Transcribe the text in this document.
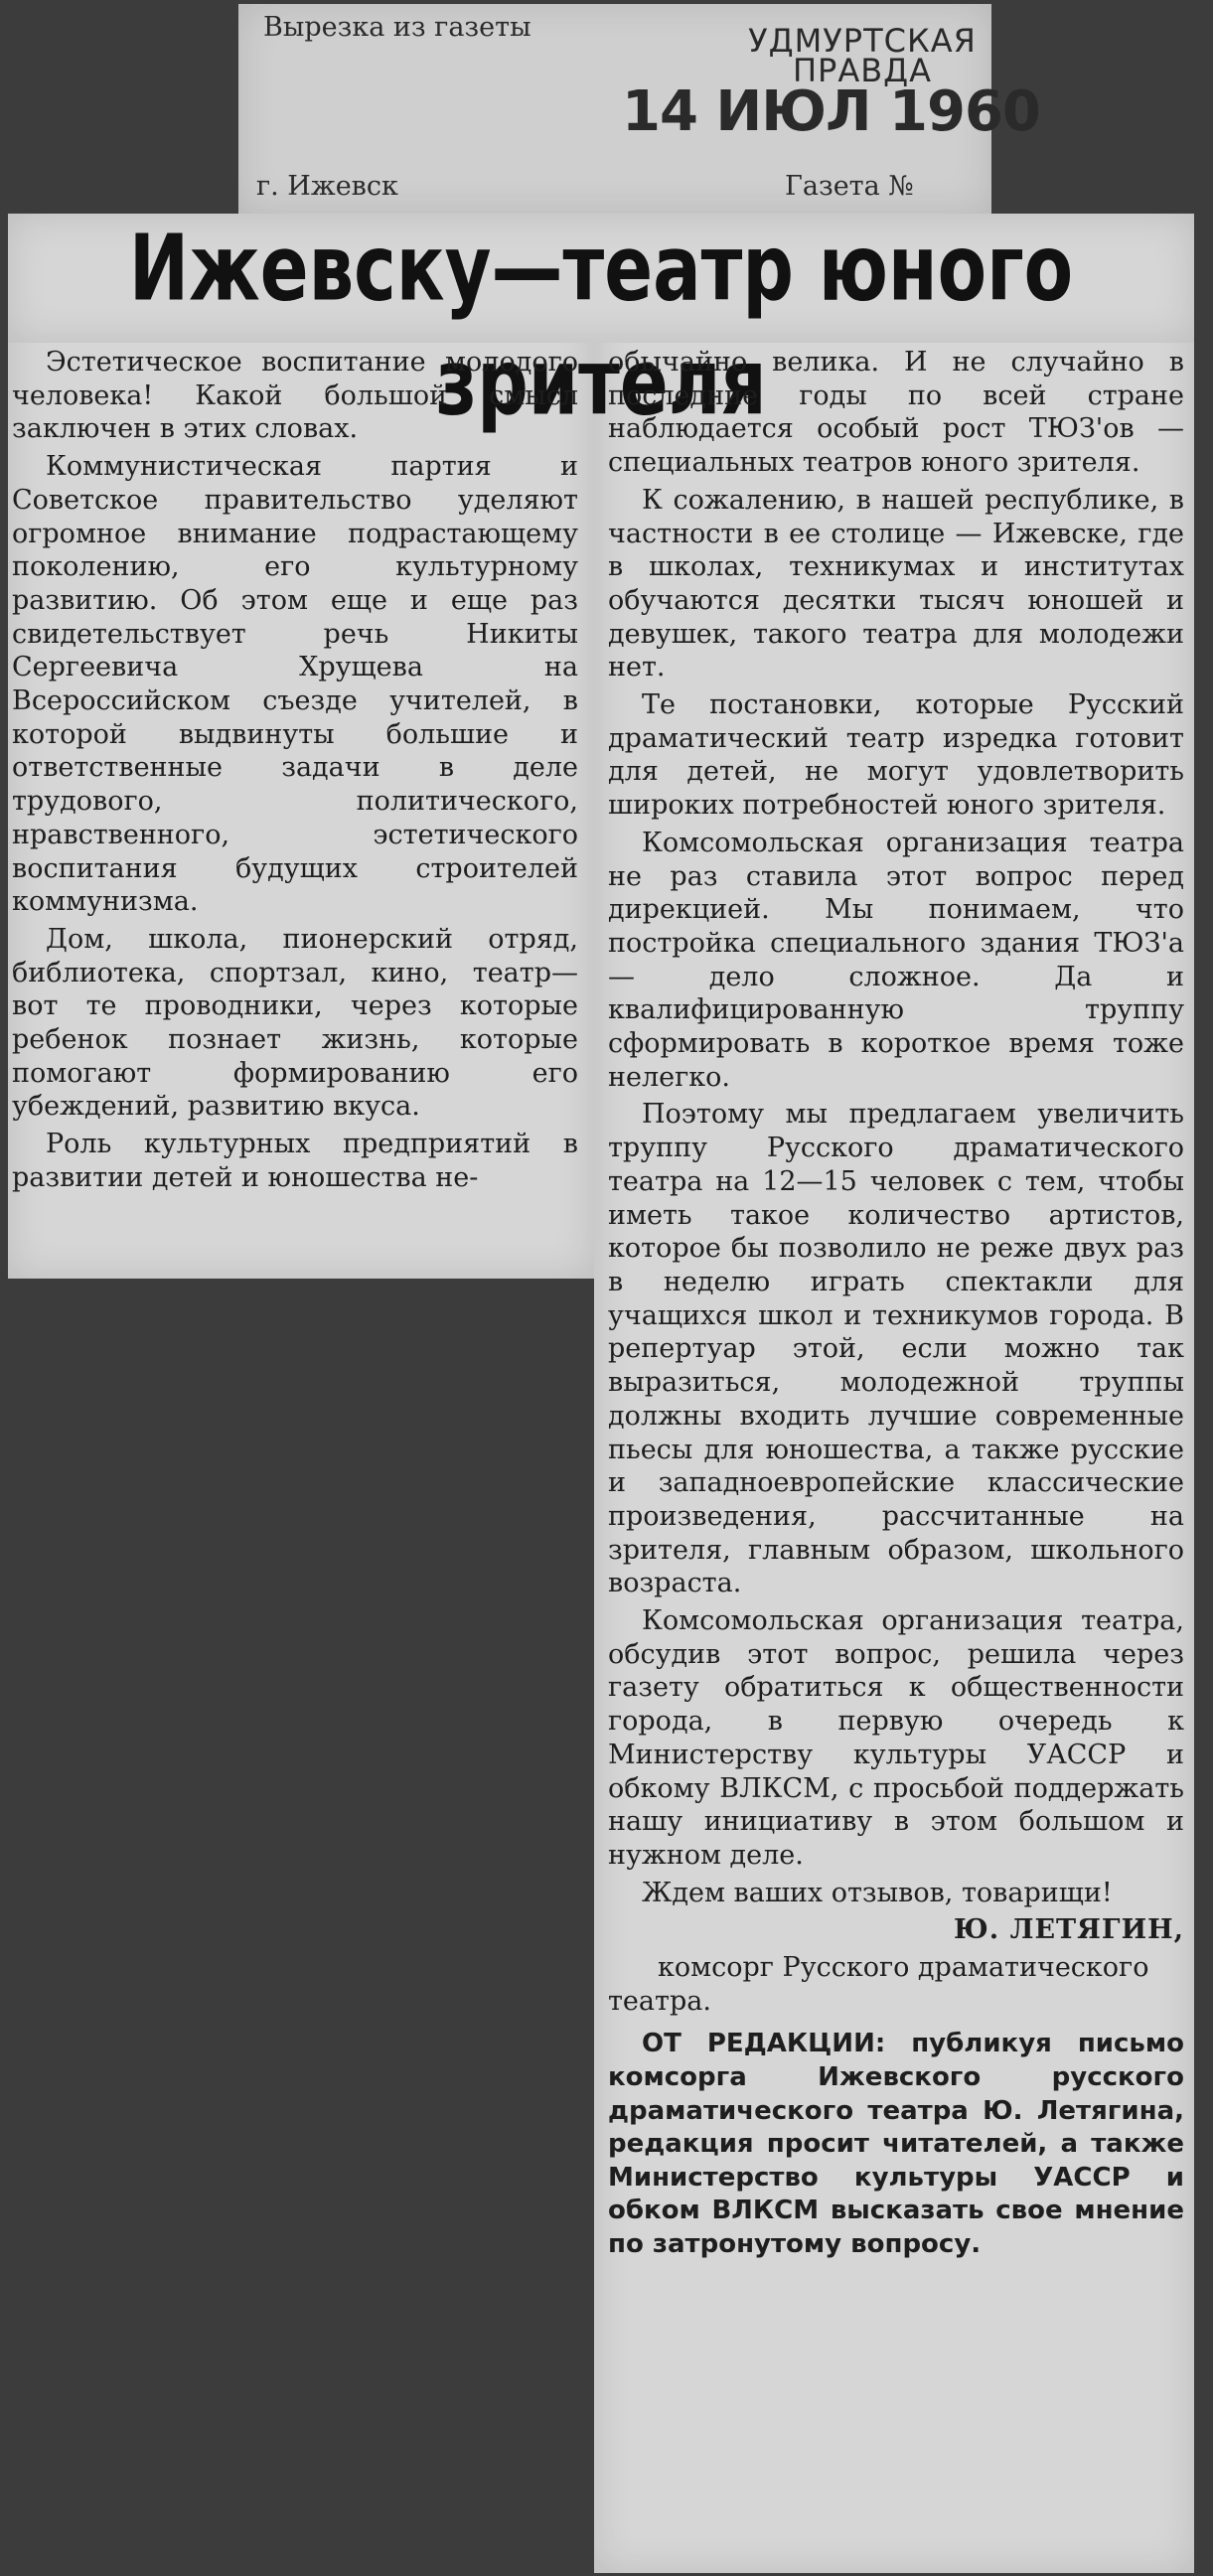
Вырезка из газеты	УДМУРТСКАЯ ПРАВДА
14 ИЮЛ 1960
г. Ижевск	Газета №
Ижевску—театр юного зрителя

Эстетическое воспитание молодого человека! Какой большой смысл заключен в этих словах.

Коммунистическая партия и Советское правительство уделяют огромное внимание подрастающему поколению, его культурному развитию. Об этом еще и еще раз свидетельствует речь Никиты Сергеевича Хрущева на Всероссийском съезде учителей, в которой выдвинуты большие и ответственные задачи в деле трудового, политического, нравственного, эстетического воспитания будущих строителей коммунизма.

Дом, школа, пионерский отряд, библиотека, спортзал, кино, театр— вот те проводники, через которые ребенок познает жизнь, которые помогают формированию его убеждений, развитию вкуса.

Роль культурных предприятий в развитии детей и юношества не-

обычайно велика. И не случайно в последние годы по всей стране наблюдается особый рост ТЮЗ'ов — специальных театров юного зрителя.

К сожалению, в нашей республике, в частности в ее столице — Ижевске, где в школах, техникумах и институтах обучаются десятки тысяч юношей и девушек, такого театра для молодежи нет.

Те постановки, которые Русский драматический театр изредка готовит для детей, не могут удовлетворить широких потребностей юного зрителя.

Комсомольская организация театра не раз ставила этот вопрос перед дирекцией. Мы понимаем, что постройка специального здания ТЮЗ'а — дело сложное. Да и квалифицированную труппу сформировать в короткое время тоже нелегко.

Поэтому мы предлагаем увеличить труппу Русского драматического театра на 12—15 человек с тем, чтобы иметь такое количество артистов, которое бы позволило не реже двух раз в неделю играть спектакли для учащихся школ и техникумов города. В репертуар этой, если можно так выразиться, молодежной труппы должны входить лучшие современные пьесы для юношества, а также русские и западноевропейские классические произведения, рассчитанные на зрителя, главным образом, школьного возраста.

Комсомольская организация театра, обсудив этот вопрос, решила через газету обратиться к общественности города, в первую очередь к Министерству культуры УАССР и обкому ВЛКСМ, с просьбой поддержать нашу инициативу в этом большом и нужном деле.

Ждем ваших отзывов, товарищи!

Ю. ЛЕТЯГИН,

комсорг Русского драматического театра.

ОТ РЕДАКЦИИ: публикуя письмо комсорга Ижевского русского драматического театра Ю. Летягина, редакция просит читателей, а также Министерство культуры УАССР и обком ВЛКСМ высказать свое мнение по затронутому вопросу.
